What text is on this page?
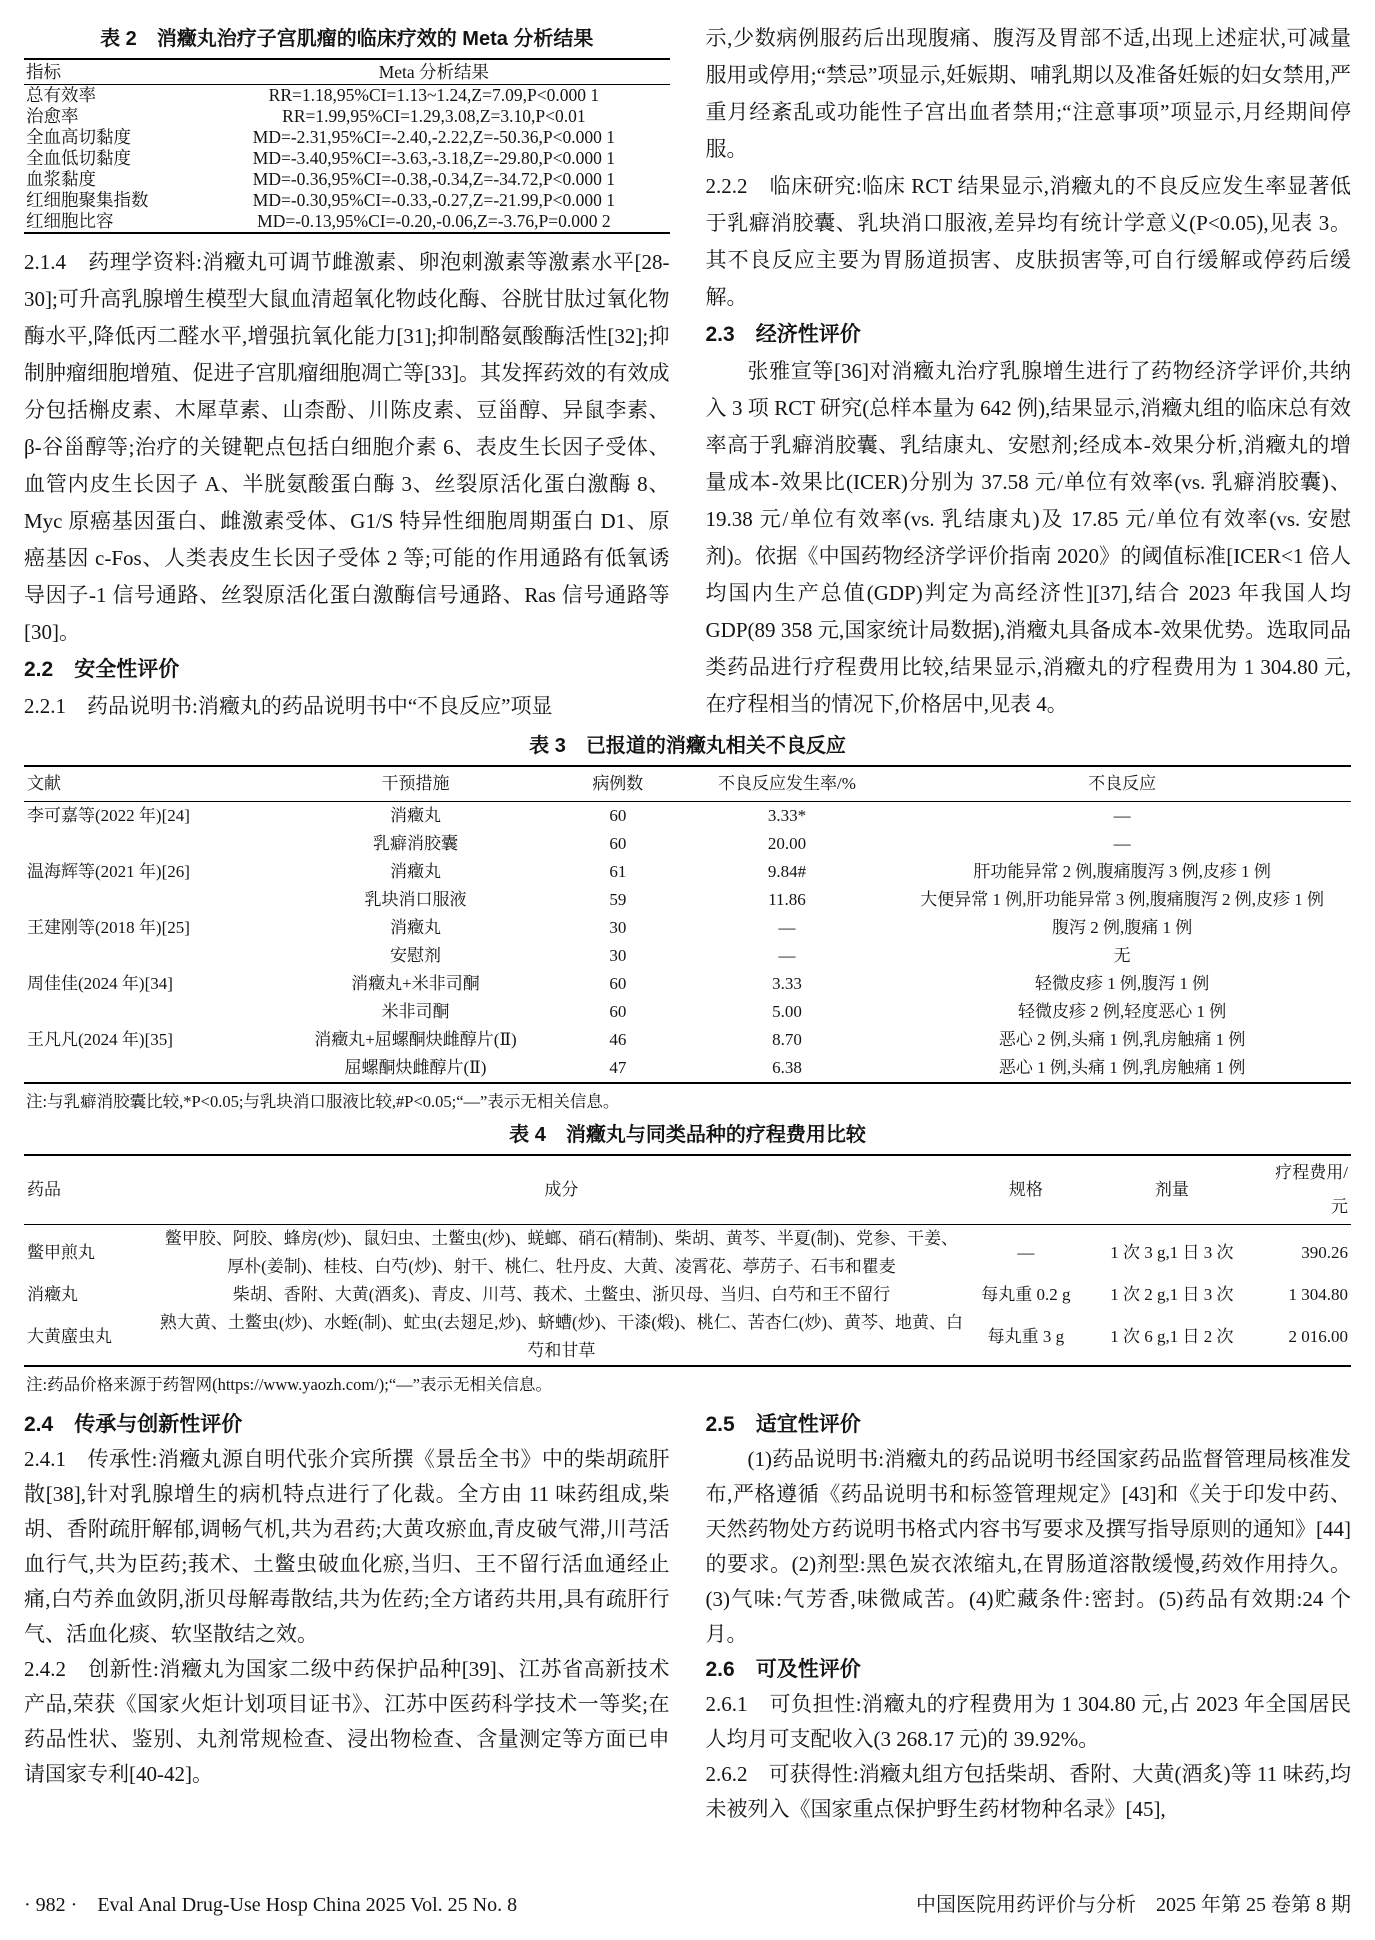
表 2　消癥丸治疗子宫肌瘤的临床疗效的 Meta 分析结果
指标	Meta 分析结果
总有效率	RR=1.18,95%CI=1.13~1.24,Z=7.09,P<0.000 1
治愈率	RR=1.99,95%CI=1.29,3.08,Z=3.10,P<0.01
全血高切黏度	MD=-2.31,95%CI=-2.40,-2.22,Z=-50.36,P<0.000 1
全血低切黏度	MD=-3.40,95%CI=-3.63,-3.18,Z=-29.80,P<0.000 1
血浆黏度	MD=-0.36,95%CI=-0.38,-0.34,Z=-34.72,P<0.000 1
红细胞聚集指数	MD=-0.30,95%CI=-0.33,-0.27,Z=-21.99,P<0.000 1
红细胞比容	MD=-0.13,95%CI=-0.20,-0.06,Z=-3.76,P=0.000 2

2.1.4　药理学资料:消癥丸可调节雌激素、卵泡刺激素等激素水平[28-30];可升高乳腺增生模型大鼠血清超氧化物歧化酶、谷胱甘肽过氧化物酶水平,降低丙二醛水平,增强抗氧化能力[31];抑制酪氨酸酶活性[32];抑制肿瘤细胞增殖、促进子宫肌瘤细胞凋亡等[33]。其发挥药效的有效成分包括槲皮素、木犀草素、山柰酚、川陈皮素、豆甾醇、异鼠李素、β-谷甾醇等;治疗的关键靶点包括白细胞介素 6、表皮生长因子受体、血管内皮生长因子 A、半胱氨酸蛋白酶 3、丝裂原活化蛋白激酶 8、Myc 原癌基因蛋白、雌激素受体、G1/S 特异性细胞周期蛋白 D1、原癌基因 c-Fos、人类表皮生长因子受体 2 等;可能的作用通路有低氧诱导因子-1 信号通路、丝裂原活化蛋白激酶信号通路、Ras 信号通路等[30]。

2.2　安全性评价

2.2.1　药品说明书:消癥丸的药品说明书中“不良反应”项显

示,少数病例服药后出现腹痛、腹泻及胃部不适,出现上述症状,可减量服用或停用;“禁忌”项显示,妊娠期、哺乳期以及准备妊娠的妇女禁用,严重月经紊乱或功能性子宫出血者禁用;“注意事项”项显示,月经期间停服。

2.2.2　临床研究:临床 RCT 结果显示,消癥丸的不良反应发生率显著低于乳癖消胶囊、乳块消口服液,差异均有统计学意义(P<0.05),见表 3。其不良反应主要为胃肠道损害、皮肤损害等,可自行缓解或停药后缓解。

2.3　经济性评价

张雅宣等[36]对消癥丸治疗乳腺增生进行了药物经济学评价,共纳入 3 项 RCT 研究(总样本量为 642 例),结果显示,消癥丸组的临床总有效率高于乳癖消胶囊、乳结康丸、安慰剂;经成本-效果分析,消癥丸的增量成本-效果比(ICER)分别为 37.58 元/单位有效率(vs. 乳癖消胶囊)、19.38 元/单位有效率(vs. 乳结康丸)及 17.85 元/单位有效率(vs. 安慰剂)。依据《中国药物经济学评价指南 2020》的阈值标准[ICER<1 倍人均国内生产总值(GDP)判定为高经济性][37],结合 2023 年我国人均 GDP(89 358 元,国家统计局数据),消癥丸具备成本-效果优势。选取同品类药品进行疗程费用比较,结果显示,消癥丸的疗程费用为 1 304.80 元,在疗程相当的情况下,价格居中,见表 4。

表 3　已报道的消癥丸相关不良反应
文献	干预措施	病例数	不良反应发生率/%	不良反应
李可嘉等(2022 年)[24]	消癥丸	60	3.33*	—
	乳癖消胶囊	60	20.00	—
温海辉等(2021 年)[26]	消癥丸	61	9.84#	肝功能异常 2 例,腹痛腹泻 3 例,皮疹 1 例
	乳块消口服液	59	11.86	大便异常 1 例,肝功能异常 3 例,腹痛腹泻 2 例,皮疹 1 例
王建刚等(2018 年)[25]	消癥丸	30	—	腹泻 2 例,腹痛 1 例
	安慰剂	30	—	无
周佳佳(2024 年)[34]	消癥丸+米非司酮	60	3.33	轻微皮疹 1 例,腹泻 1 例
	米非司酮	60	5.00	轻微皮疹 2 例,轻度恶心 1 例
王凡凡(2024 年)[35]	消癥丸+屈螺酮炔雌醇片(Ⅱ)	46	8.70	恶心 2 例,头痛 1 例,乳房触痛 1 例
	屈螺酮炔雌醇片(Ⅱ)	47	6.38	恶心 1 例,头痛 1 例,乳房触痛 1 例
注:与乳癖消胶囊比较,*P<0.05;与乳块消口服液比较,#P<0.05;“—”表示无相关信息。
表 4　消癥丸与同类品种的疗程费用比较
药品	成分	规格	剂量	疗程费用/元
鳖甲煎丸	鳖甲胶、阿胶、蜂房(炒)、鼠妇虫、土鳖虫(炒)、蜣螂、硝石(精制)、柴胡、黄芩、半夏(制)、党参、干姜、厚朴(姜制)、桂枝、白芍(炒)、射干、桃仁、牡丹皮、大黄、凌霄花、葶苈子、石韦和瞿麦	—	1 次 3 g,1 日 3 次	390.26
消癥丸	柴胡、香附、大黄(酒炙)、青皮、川芎、莪术、土鳖虫、浙贝母、当归、白芍和王不留行	每丸重 0.2 g	1 次 2 g,1 日 3 次	1 304.80
大黄䗪虫丸	熟大黄、土鳖虫(炒)、水蛭(制)、虻虫(去翅足,炒)、蛴螬(炒)、干漆(煅)、桃仁、苦杏仁(炒)、黄芩、地黄、白芍和甘草	每丸重 3 g	1 次 6 g,1 日 2 次	2 016.00
注:药品价格来源于药智网(https://www.yaozh.com/);“—”表示无相关信息。
2.4　传承与创新性评价

2.4.1　传承性:消癥丸源自明代张介宾所撰《景岳全书》中的柴胡疏肝散[38],针对乳腺增生的病机特点进行了化裁。全方由 11 味药组成,柴胡、香附疏肝解郁,调畅气机,共为君药;大黄攻瘀血,青皮破气滞,川芎活血行气,共为臣药;莪术、土鳖虫破血化瘀,当归、王不留行活血通经止痛,白芍养血敛阴,浙贝母解毒散结,共为佐药;全方诸药共用,具有疏肝行气、活血化痰、软坚散结之效。

2.4.2　创新性:消癥丸为国家二级中药保护品种[39]、江苏省高新技术产品,荣获《国家火炬计划项目证书》、江苏中医药科学技术一等奖;在药品性状、鉴别、丸剂常规检查、浸出物检查、含量测定等方面已申请国家专利[40-42]。

2.5　适宜性评价

(1)药品说明书:消癥丸的药品说明书经国家药品监督管理局核准发布,严格遵循《药品说明书和标签管理规定》[43]和《关于印发中药、天然药物处方药说明书格式内容书写要求及撰写指导原则的通知》[44]的要求。(2)剂型:黑色炭衣浓缩丸,在胃肠道溶散缓慢,药效作用持久。(3)气味:气芳香,味微咸苦。(4)贮藏条件:密封。(5)药品有效期:24 个月。

2.6　可及性评价

2.6.1　可负担性:消癥丸的疗程费用为 1 304.80 元,占 2023 年全国居民人均月可支配收入(3 268.17 元)的 39.92%。

2.6.2　可获得性:消癥丸组方包括柴胡、香附、大黄(酒炙)等 11 味药,均未被列入《国家重点保护野生药材物种名录》[45],

· 982 ·　Eval Anal Drug-Use Hosp China 2025 Vol. 25 No. 8	中国医院用药评价与分析　2025 年第 25 卷第 8 期
